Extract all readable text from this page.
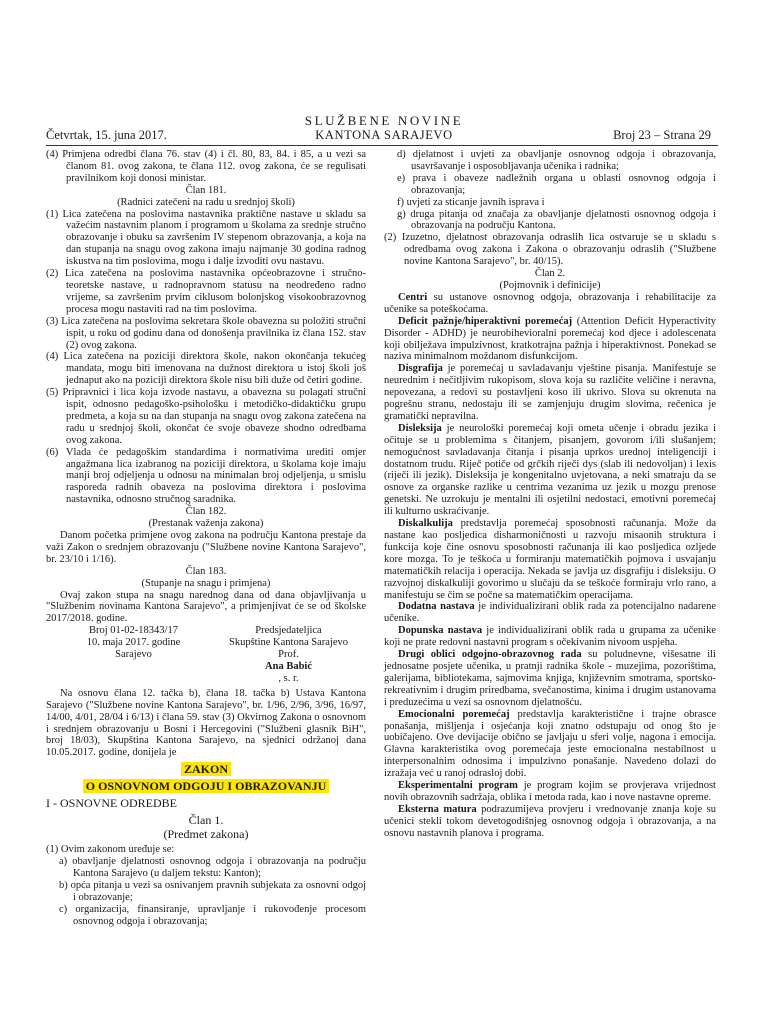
SLUŽBENE NOVINE
Četvrtak, 15. juna 2017.	KANTONA SARAJEVO	Broj 23 – Strana 29

(4) Primjena odredbi člana 76. stav (4) i čl. 80, 83, 84. i 85, a u vezi sa članom 81. ovog zakona, te člana 112. ovog zakona, će se regulisati pravilnikom koji donosi ministar.

Član 181.

(Radnici zatečeni na radu u srednjoj školi)

(1) Lica zatečena na poslovima nastavnika praktične nastave u skladu sa važećim nastavnim planom i programom u školama za srednje stručno obrazovanje i obuku sa završenim IV stepenom obrazovanja, a koja na dan stupanja na snagu ovog zakona imaju najmanje 30 godina radnog iskustva na tim poslovima, mogu i dalje izvoditi ovu nastavu.

(2) Lica zatečena na poslovima nastavnika općeobrazovne i stručno-teoretske nastave, u radnopravnom statusu na neodređeno radno vrijeme, sa završenim prvim ciklusom bolonjskog visokoobrazovnog procesa mogu nastaviti rad na tim poslovima.

(3) Lica zatečena na poslovima sekretara škole obavezna su položiti stručni ispit, u roku od godinu dana od donošenja pravilnika iz člana 152. stav (2) ovog zakona.

(4) Lica zatečena na poziciji direktora škole, nakon okončanja tekućeg mandata, mogu biti imenovana na dužnost direktora u istoj školi još jednaput ako na poziciji direktora škole nisu bili duže od četiri godine.

(5) Pripravnici i lica koja izvode nastavu, a obavezna su polagati stručni ispit, odnosno pedagoško-psihološku i metodičko-didaktičku grupu predmeta, a koja su na dan stupanja na snagu ovog zakona zatečena na radu u srednjoj školi, okončat će svoje obaveze shodno odredbama ovog zakona.

(6) Vlada će pedagoškim standardima i normativima urediti omjer angažmana lica izabranog na poziciji direktora, u školama koje imaju manji broj odjeljenja u odnosu na minimalan broj odjeljenja, u smislu rasporeda radnih obaveza na poslovima direktora i poslovima nastavnika, odnosno stručnog saradnika.

Član 182.

(Prestanak važenja zakona)

Danom početka primjene ovog zakona na području Kantona prestaje da važi Zakon o srednjem obrazovanju ("Službene novine Kantona Sarajevo", br. 23/10 i 1/16).

Član 183.

(Stupanje na snagu i primjena)

Ovaj zakon stupa na snagu narednog dana od dana objavljivanja u "Službenim novinama Kantona Sarajevo", a primjenjivat će se od školske 2017/2018. godine.

Broj 01-02-18343/17
10. maja 2017. godine
Sarajevo
Predsjedateljica
Skupštine Kantona Sarajevo
Prof.
Ana Babić
, s. r.

Na osnovu člana 12. tačka b), člana 18. tačka b) Ustava Kantona Sarajevo ("Službene novine Kantona Sarajevo", br. 1/96, 2/96, 3/96, 16/97, 14/00, 4/01, 28/04 i 6/13) i člana 59. stav (3) Okvirnog Zakona o osnovnom i srednjem obrazovanju u Bosni i Hercegovini ("Službeni glasnik BiH", broj 18/03), Skupština Kantona Sarajevo, na sjednici održanoj dana 10.05.2017. godine, donijela je

ZAKON

O OSNOVNOM ODGOJU I OBRAZOVANJU

I - OSNOVNE ODREDBE

Član 1.

(Predmet zakona)

(1) Ovim zakonom uređuje se:

a) obavljanje djelatnosti osnovnog odgoja i obrazovanja na području Kantona Sarajevo (u daljem tekstu: Kanton);

b) opća pitanja u vezi sa osnivanjem pravnih subjekata za osnovni odgoj i obrazovanje;

c) organizacija, finansiranje, upravljanje i rukovođenje procesom osnovnog odgoja i obrazovanja;

d) djelatnost i uvjeti za obavljanje osnovnog odgoja i obrazovanja, usavršavanje i osposobljavanja učenika i radnika;

e) prava i obaveze nadležnih organa u oblasti osnovnog odgoja i obrazovanja;

f) uvjeti za sticanje javnih isprava i

g) druga pitanja od značaja za obavljanje djelatnosti osnovnog odgoja i obrazovanja na području Kantona.

(2) Izuzetno, djelatnost obrazovanja odraslih lica ostvaruje se u skladu s odredbama ovog zakona i Zakona o obrazovanju odraslih ("Službene novine Kantona Sarajevo", br. 40/15).

Član 2.

(Pojmovnik i definicije)

Centri su ustanove osnovnog odgoja, obrazovanja i rehabilitacije za učenike sa poteškoćama.

Deficit pažnje/hiperaktivni poremećaj (Attention Deficit Hyperactivity Disorder - ADHD) je neurobihevioralni poremećaj kod djece i adolescenata koji obilježava impulzivnost, kratkotrajna pažnja i hiperaktivnost. Ponekad se naziva minimalnom moždanom disfunkcijom.

Disgrafija je poremećaj u savladavanju vještine pisanja. Manifestuje se neurednim i nečitljivim rukopisom, slova koja su različite veličine i neravna, nepovezana, a redovi su postavljeni koso ili ukrivo. Slova su okrenuta na pogrešnu stranu, nedostaju ili se zamjenjuju drugim slovima, rečenica je gramatički nepravilna.

Disleksija je neurološki poremećaj koji ometa učenje i obradu jezika i očituje se u problemima s čitanjem, pisanjem, govorom i/ili slušanjem; nemogućnost savladavanja čitanja i pisanja uprkos urednoj inteligenciji i dostatnom trudu. Riječ potiče od grčkih riječi dys (slab ili nedovoljan) i lexis (riječi ili jezik). Disleksija je kongenitalno uvjetovana, a neki smatraju da se osnove za organske razlike u centrima vezanima uz jezik u mozgu prenose genetski. Ne uzrokuju je mentalni ili osjetilni nedostaci, emotivni poremećaj ili kulturno uskraćivanje.

Diskalkulija predstavlja poremećaj sposobnosti računanja. Može da nastane kao posljedica disharmoničnosti u razvoju misaonih struktura i funkcija koje čine osnovu sposobnosti računanja ili kao posljedica ozljede kore mozga. To je teškoća u formiranju matematičkih pojmova i usvajanju matematičkih relacija i operacija. Nekada se javlja uz disgrafiju i disleksiju. O razvojnoj diskalkuliji govorimo u slučaju da se teškoće formiraju vrlo rano, a manifestuju se čim se počne sa matematičkim operacijama.

Dodatna nastava je individualizirani oblik rada za potencijalno nadarene učenike.

Dopunska nastava je individualizirani oblik rada u grupama za učenike koji ne prate redovni nastavni program s očekivanim nivoom uspjeha.

Drugi oblici odgojno-obrazovnog rada su poludnevne, višesatne ili jednosatne posjete učenika, u pratnji radnika škole - muzejima, pozorištima, galerijama, bibliotekama, sajmovima knjiga, književnim smotrama, sportsko-rekreativnim i drugim priredbama, svečanostima, kinima i drugim ustanovama i preduzećima u vezi sa osnovnom djelatnošću.

Emocionalni poremećaj predstavlja karakteristične i trajne obrasce ponašanja, mišljenja i osjećanja koji znatno odstupaju od onog što je uobičajeno. Ove devijacije obično se javljaju u sferi volje, nagona i emocija. Glavna karakteristika ovog poremećaja jeste emocionalna nestabilnost u interpersonalnim odnosima i impulzivno ponašanje. Navedeno dolazi do izražaja već u ranoj odrasloj dobi.

Eksperimentalni program je program kojim se provjerava vrijednost novih obrazovnih sadržaja, oblika i metoda rada, kao i nove nastavne opreme.

Eksterna matura podrazumijeva provjeru i vrednovanje znanja koje su učenici stekli tokom devetogodišnjeg osnovnog odgoja i obrazovanja, a na osnovu nastavnih planova i programa.
